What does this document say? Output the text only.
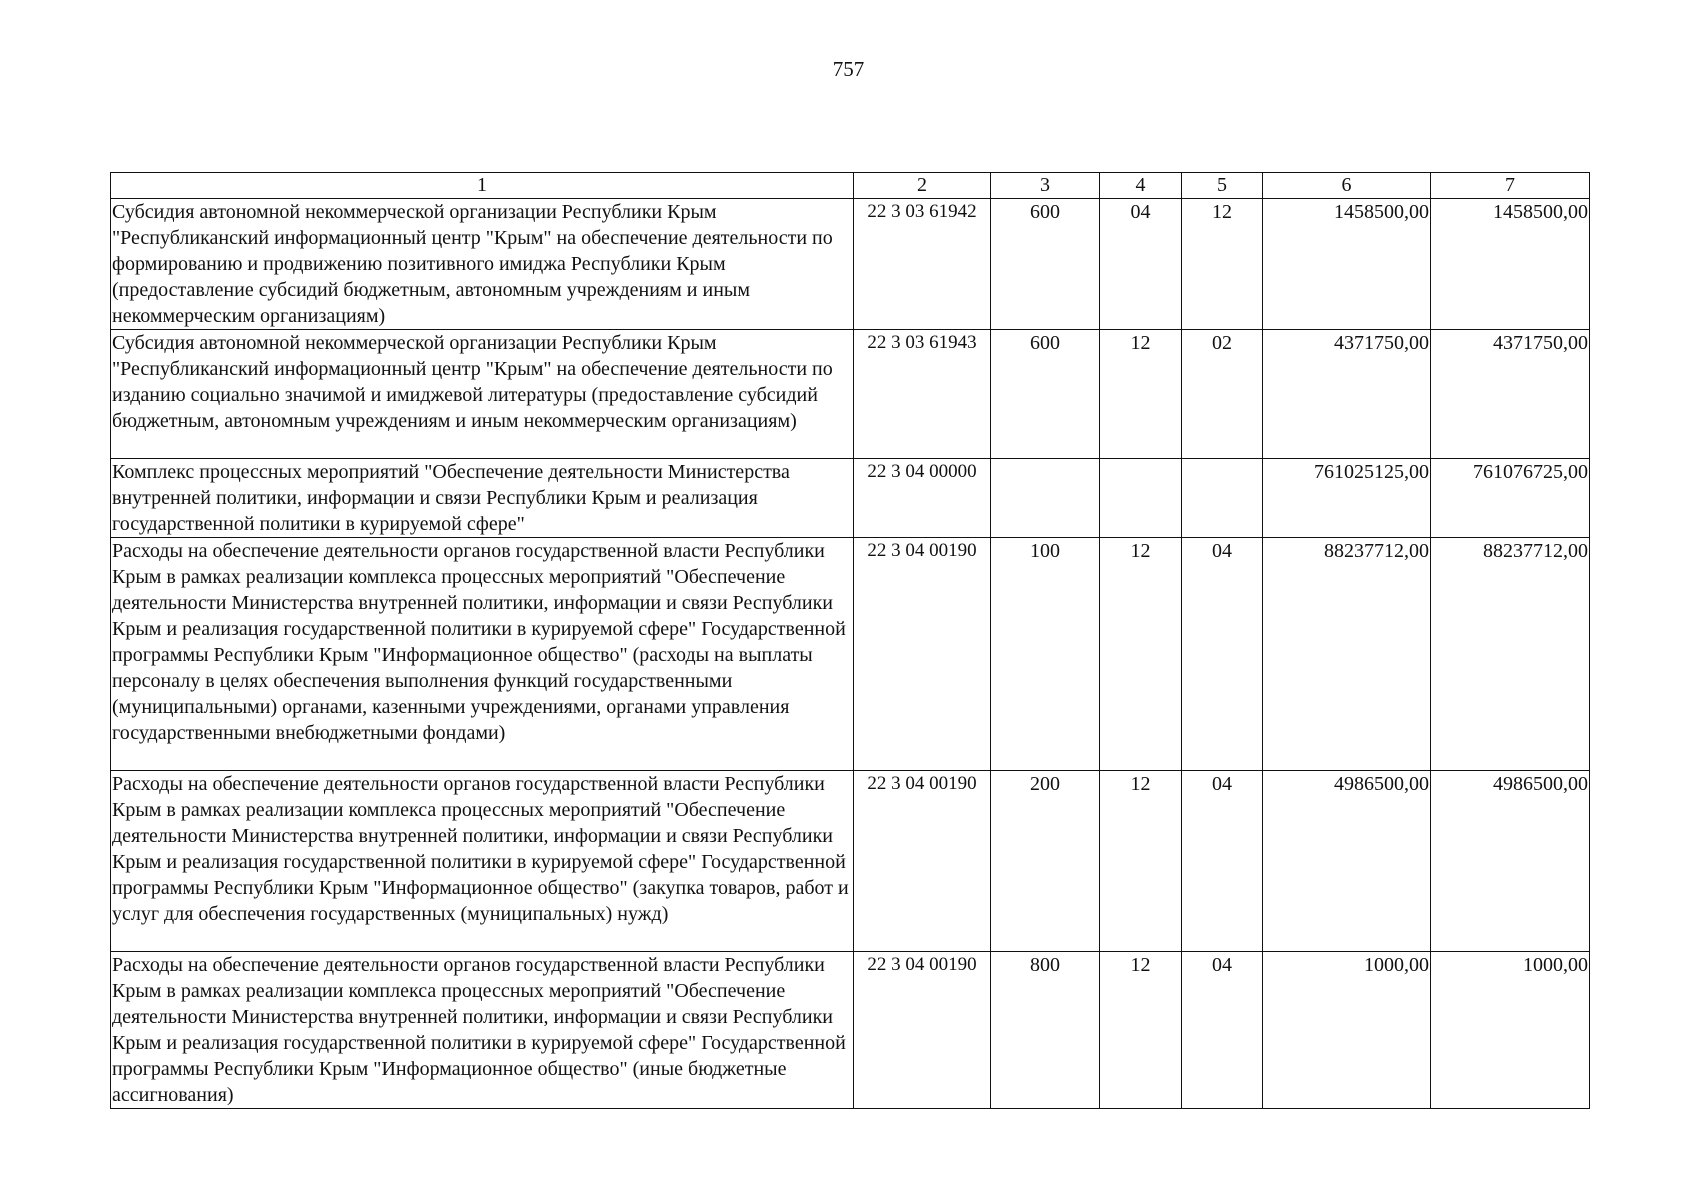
757
1	2	3	4	5	6	7
Субсидия автономной некоммерческой организации Республики Крым "Республиканский информационный центр "Крым" на обеспечение деятельности по формированию и продвижению позитивного имиджа Республики Крым (предоставление субсидий бюджетным, автономным учреждениям и иным некоммерческим организациям)	22 3 03 61942	600	04	12	1458500,00	1458500,00
Субсидия автономной некоммерческой организации Республики Крым "Республиканский информационный центр "Крым" на обеспечение деятельности по изданию социально значимой и имиджевой литературы (предоставление субсидий бюджетным, автономным учреждениям и иным некоммерческим организациям)	22 3 03 61943	600	12	02	4371750,00	4371750,00
Комплекс процессных мероприятий "Обеспечение деятельности Министерства внутренней политики, информации и связи Республики Крым и реализация государственной политики в курируемой сфере"	22 3 04 00000				761025125,00	761076725,00
Расходы на обеспечение деятельности органов государственной власти Республики Крым в рамках реализации комплекса процессных мероприятий "Обеспечение деятельности Министерства внутренней политики, информации и связи Республики Крым и реализация государственной политики в курируемой сфере" Государственной программы Республики Крым "Информационное общество" (расходы на выплаты персоналу в целях обеспечения выполнения функций государственными (муниципальными) органами, казенными учреждениями, органами управления государственными внебюджетными фондами)	22 3 04 00190	100	12	04	88237712,00	88237712,00
Расходы на обеспечение деятельности органов государственной власти Республики Крым в рамках реализации комплекса процессных мероприятий "Обеспечение деятельности Министерства внутренней политики, информации и связи Республики Крым и реализация государственной политики в курируемой сфере" Государственной программы Республики Крым "Информационное общество" (закупка товаров, работ и услуг для обеспечения государственных (муниципальных) нужд)	22 3 04 00190	200	12	04	4986500,00	4986500,00
Расходы на обеспечение деятельности органов государственной власти Республики Крым в рамках реализации комплекса процессных мероприятий "Обеспечение деятельности Министерства внутренней политики, информации и связи Республики Крым и реализация государственной политики в курируемой сфере" Государственной программы Республики Крым "Информационное общество" (иные бюджетные ассигнования)	22 3 04 00190	800	12	04	1000,00	1000,00
